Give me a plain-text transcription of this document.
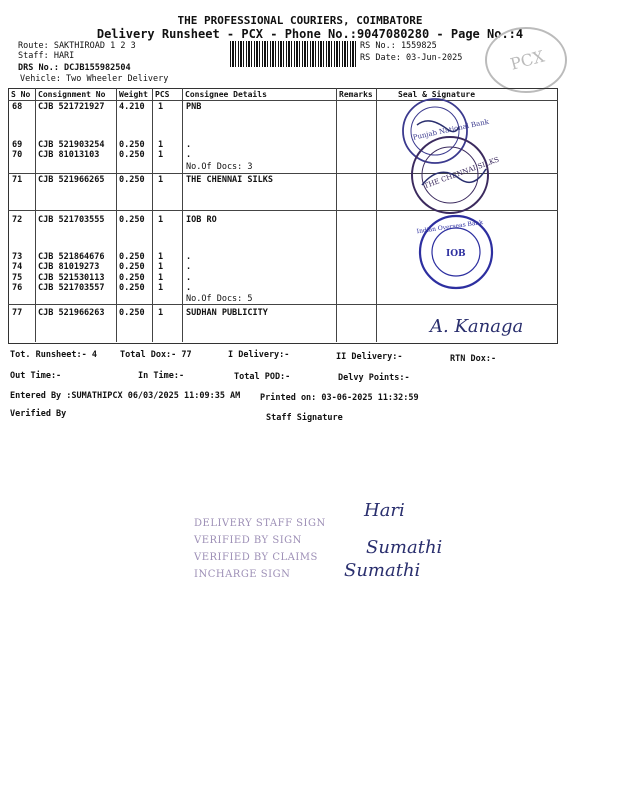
THE PROFESSIONAL COURIERS, COIMBATORE
Delivery Runsheet - PCX - Phone No.:9047080280 - Page No.:4
Route: SAKTHIROAD 1 2 3
Staff: HARI
DRS No.: DCJB155982504
Vehicle: Two Wheeler Delivery
RS No.: 1559825
RS Date: 03-Jun-2025	PCX
S No Consignment No Weight PCS Consignee Details	Remarks	Seal & Signature
68 CJB 521721927 4.210 1	PNB
69 CJB 521903254 0.250 1	.
70 CJB 81013103 0.250 1	.
No.Of Docs: 3
71 CJB 521966265 0.250 1	THE CHENNAI SILKS
72 CJB 521703555 0.250 1	IOB RO
73 CJB 521864676 0.250 1	.
74 CJB 81019273 0.250 1	.
75 CJB 521530113 0.250 1	.
76 CJB 521703557 0.250 1	.
No.Of Docs: 5
77 CJB 521966263 0.250 1	SUDHAN PUBLICITY
Punjab National Bank
THE CHENNAI SILKS
Indian Overseas Bank
IOB
A. Kanaga
Tot. Runsheet:- 4	Total Dox:- 77	I Delivery:-	II Delivery:-	RTN Dox:-
Out Time:-	In Time:-	Total POD:-	Delvy Points:-
Entered By :SUMATHIPCX 06/03/2025 11:09:35 AM Printed on: 03-06-2025 11:32:59
Verified By	Staff Signature
DELIVERY STAFF SIGN
VERIFIED BY SIGN
VERIFIED BY CLAIMS
INCHARGE SIGN
Hari
Sumathi
Sumathi
